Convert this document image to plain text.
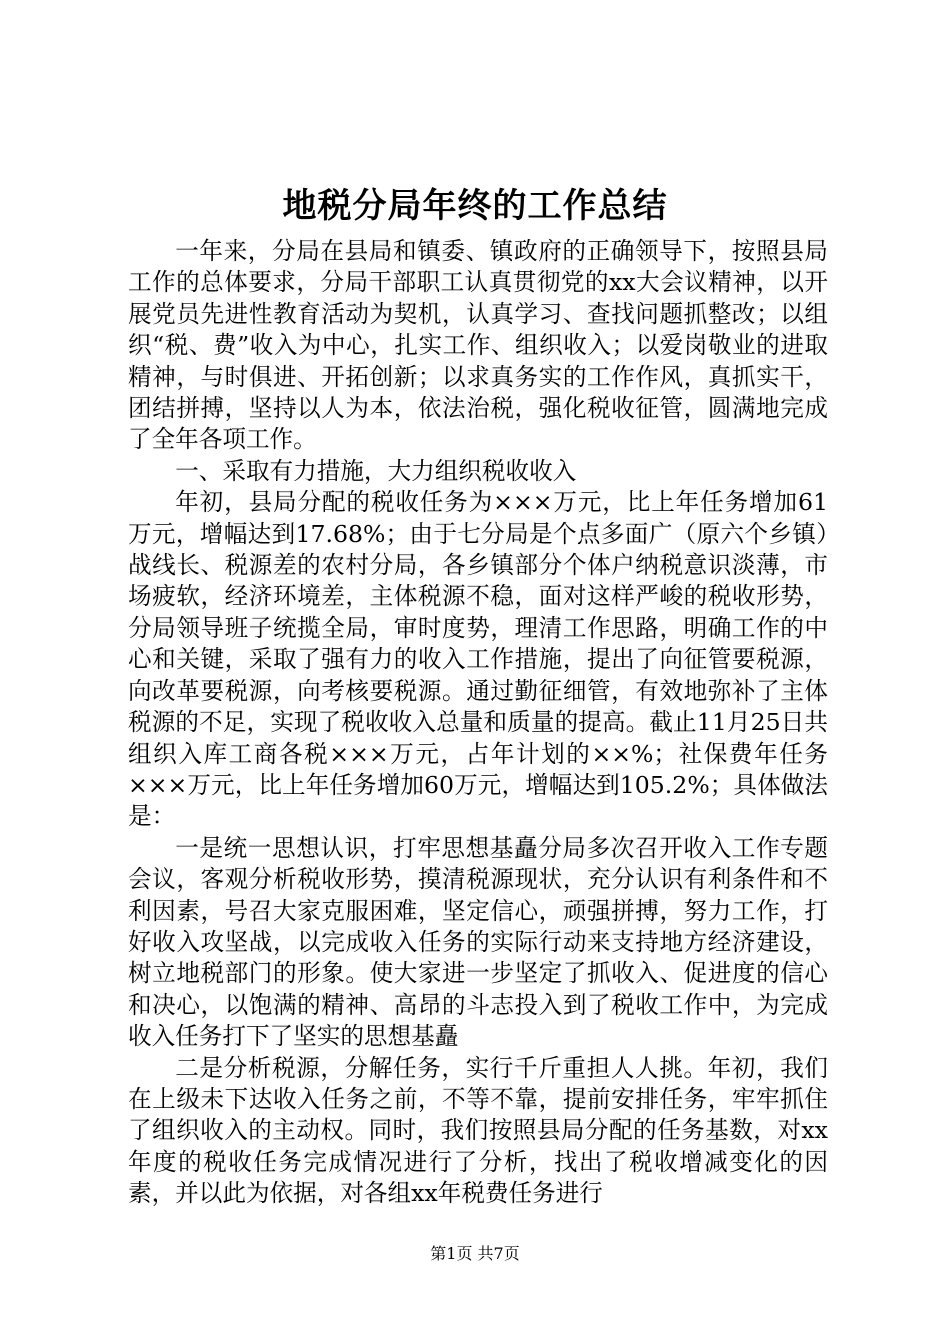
地税分局年终的工作总结

一年来，分局在县局和镇委、镇政府的正确领导下，按照县局工作的总体要求，分局干部职工认真贯彻党的xx大会议精神，以开展党员先进性教育活动为契机，认真学习、查找问题抓整改；以组织“税、费”收入为中心，扎实工作、组织收入；以爱岗敬业的进取精神，与时俱进、开拓创新；以求真务实的工作作风，真抓实干，团结拼搏，坚持以人为本，依法治税，强化税收征管，圆满地完成了全年各项工作。

一、采取有力措施，大力组织税收收入

年初，县局分配的税收任务为×××万元，比上年任务增加61万元，增幅达到17.68%；由于七分局是个点多面广（原六个乡镇）战线长、税源差的农村分局，各乡镇部分个体户纳税意识淡薄，市场疲软，经济环境差，主体税源不稳，面对这样严峻的税收形势，分局领导班子统揽全局，审时度势，理清工作思路，明确工作的中心和关键，采取了强有力的收入工作措施，提出了向征管要税源，向改革要税源，向考核要税源。通过勤征细管，有效地弥补了主体税源的不足，实现了税收收入总量和质量的提高。截止11月25日共组织入库工商各税×××万元，占年计划的××%；社保费年任务×××万元，比上年任务增加60万元，增幅达到105.2%；具体做法是：

一是统一思想认识，打牢思想基矗分局多次召开收入工作专题会议，客观分析税收形势，摸清税源现状，充分认识有利条件和不利因素，号召大家克服困难，坚定信心，顽强拼搏，努力工作，打好收入攻坚战，以完成收入任务的实际行动来支持地方经济建设，树立地税部门的形象。使大家进一步坚定了抓收入、促进度的信心和决心，以饱满的精神、高昂的斗志投入到了税收工作中，为完成收入任务打下了坚实的思想基矗

二是分析税源，分解任务，实行千斤重担人人挑。年初，我们在上级未下达收入任务之前，不等不靠，提前安排任务，牢牢抓住了组织收入的主动权。同时，我们按照县局分配的任务基数，对xx年度的税收任务完成情况进行了分析，找出了税收增减变化的因素，并以此为依据，对各组xx年税费任务进行

第1页 共7页
